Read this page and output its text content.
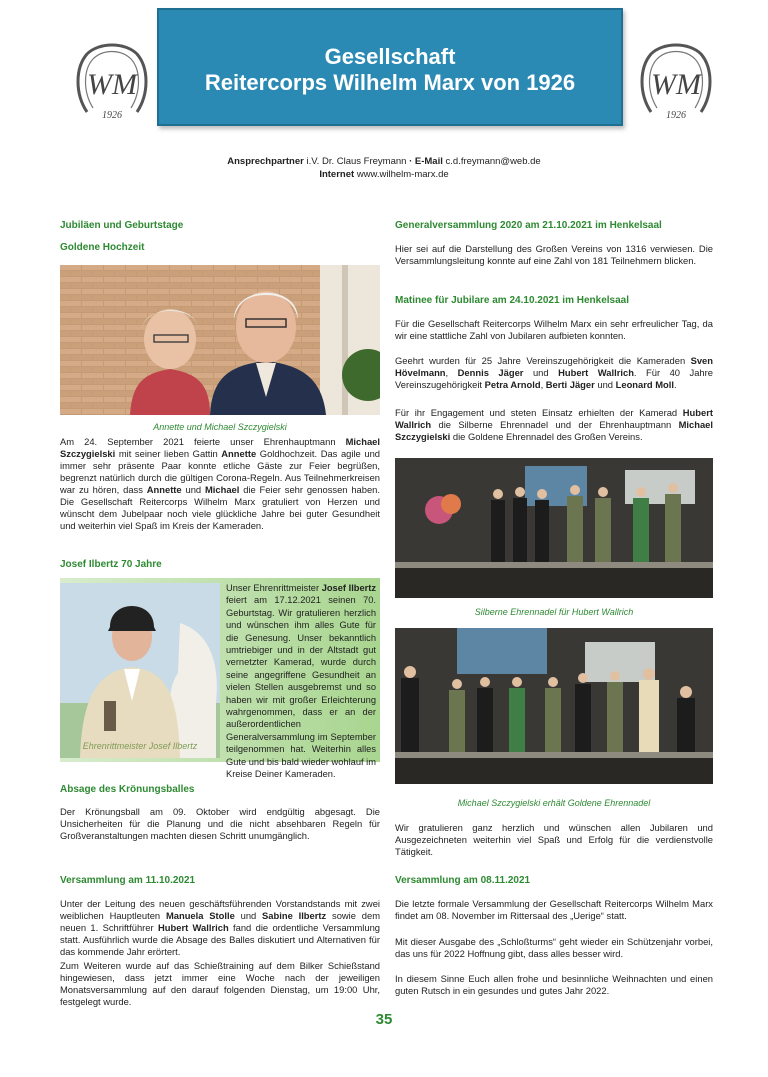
WM
1926
WM
1926
Gesellschaft
Reitercorps Wilhelm Marx von 1926
Ansprechpartner i.V. Dr. Claus Freymann · E-Mail c.d.freymann@web.de
Internet www.wilhelm-marx.de
Jubiläen und Geburtstage
Goldene Hochzeit
Annette und Michael Szczygielski
Am 24. September 2021 feierte unser Ehrenhauptmann Michael Szczygielski mit seiner lieben Gattin Annette Goldhochzeit. Das agile und immer sehr präsente Paar konnte etliche Gäste zur Feier begrüßen, begrenzt natürlich durch die gültigen Corona-Regeln. Aus Teilnehmerkreisen war zu hören, dass Annette und Michael die Feier sehr genossen haben. Die Gesellschaft Reitercorps Wilhelm Marx gratuliert von Herzen und wünscht dem Jubelpaar noch viele glückliche Jahre bei guter Gesundheit und weiterhin viel Spaß im Kreis der Kameraden.
Josef Ilbertz 70 Jahre
Ehrenrittmeister Josef Ilbertz
Unser Ehrenrittmeister Josef Ilbertz feiert am 17.12.2021 seinen 70. Geburtstag. Wir gratulieren herzlich und wünschen ihm alles Gute für die Genesung. Unser bekanntlich umtriebiger und in der Altstadt gut vernetzter Kamerad, wurde durch seine angegriffene Gesundheit an vielen Stellen ausgebremst und so haben wir mit großer Erleichterung wahrgenommen, dass er an der außerordentlichen Generalversammlung im September teilgenommen hat. Weiterhin alles Gute und bis bald wieder wohlauf im Kreise Deiner Kameraden.
Absage des Krönungsballes
Der Krönungsball am 09. Oktober wird endgültig abgesagt. Die Unsicherheiten für die Planung und die nicht absehbaren Regeln für Großveranstaltungen machten diesen Schritt unumgänglich.
Versammlung am 11.10.2021
Unter der Leitung des neuen geschäftsführenden Vorstandstands mit zwei weiblichen Hauptleuten Manuela Stolle und Sabine Ilbertz sowie dem neuen 1. Schriftführer Hubert Wallrich fand die ordentliche Versammlung statt. Ausführlich wurde die Absage des Balles diskutiert und Alternativen für das kommende Jahr erörtert.
Zum Weiteren wurde auf das Schießtraining auf dem Bilker Schießstand hingewiesen, dass jetzt immer eine Woche nach der jeweiligen Monatsversammlung auf den darauf folgenden Dienstag, um 19:00 Uhr, festgelegt wurde.
Generalversammlung 2020 am 21.10.2021 im Henkelsaal
Hier sei auf die Darstellung des Großen Vereins von 1316 verwiesen. Die Versammlungsleitung konnte auf eine Zahl von 181 Teilnehmern blicken.
Matinee für Jubilare am 24.10.2021 im Henkelsaal
Für die Gesellschaft Reitercorps Wilhelm Marx ein sehr erfreulicher Tag, da wir eine stattliche Zahl von Jubilaren aufbieten konnten.
Geehrt wurden für 25 Jahre Vereinszugehörigkeit die Kameraden Sven Hövelmann, Dennis Jäger und Hubert Wallrich. Für 40 Jahre Vereinszugehörigkeit Petra Arnold, Berti Jäger und Leonard Moll.
Für ihr Engagement und steten Einsatz erhielten der Kamerad Hubert Wallrich die Silberne Ehrennadel und der Ehrenhauptmann Michael Szczygielski die Goldene Ehrennadel des Großen Vereins.
Silberne Ehrennadel für Hubert Wallrich
Michael Szczygielski erhält Goldene Ehrennadel
Wir gratulieren ganz herzlich und wünschen allen Jubilaren und Ausgezeichneten weiterhin viel Spaß und Erfolg für die verdienstvolle Tätigkeit.
Versammlung am 08.11.2021
Die letzte formale Versammlung der Gesellschaft Reitercorps Wilhelm Marx findet am 08. November im Rittersaal des „Uerige“ statt.
Mit dieser Ausgabe des „Schloßturms“ geht wieder ein Schützenjahr vorbei, das uns für 2022 Hoffnung gibt, dass alles besser wird.
In diesem Sinne Euch allen frohe und besinnliche Weihnachten und einen guten Rutsch in ein gesundes und gutes Jahr 2022.
35
